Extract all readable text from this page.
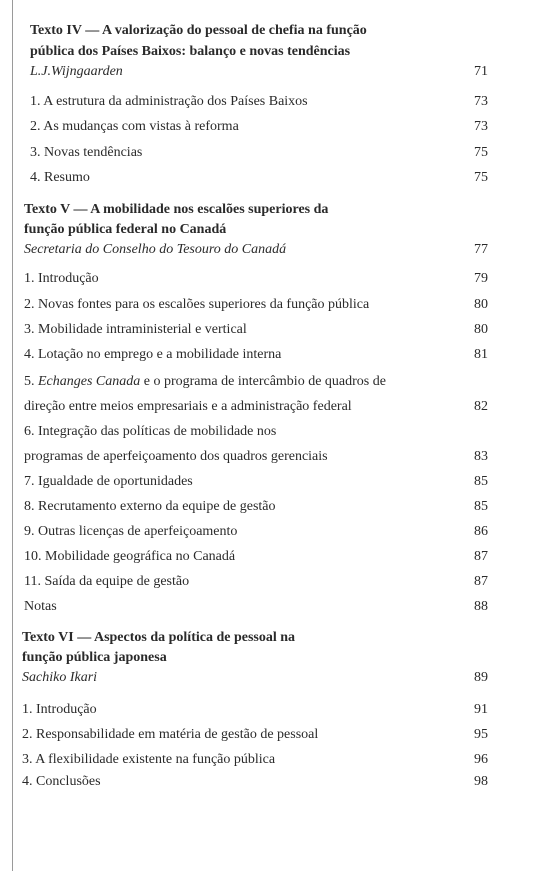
Texto IV — A valorização do pessoal de chefia na função
pública dos Países Baixos: balanço e novas tendências
L.J.Wijngaarden	71
1. A estrutura da administração dos Países Baixos	73
2. As mudanças com vistas à reforma	73
3. Novas tendências	75
4. Resumo	75
Texto V — A mobilidade nos escalões superiores da
função pública federal no Canadá
Secretaria do Conselho do Tesouro do Canadá	77
1. Introdução	79
2. Novas fontes para os escalões superiores da função pública	80
3. Mobilidade intraministerial e vertical	80
4. Lotação no emprego e a mobilidade interna	81
5. Echanges Canada e o programa de intercâmbio de quadros de
direção entre meios empresariais e a administração federal	82
6. Integração das políticas de mobilidade nos
programas de aperfeiçoamento dos quadros gerenciais	83
7. Igualdade de oportunidades	85
8. Recrutamento externo da equipe de gestão	85
9. Outras licenças de aperfeiçoamento	86
10. Mobilidade geográfica no Canadá	87
11. Saída da equipe de gestão	87
Notas	88
Texto VI — Aspectos da política de pessoal na
função pública japonesa
Sachiko Ikari	89
1. Introdução	91
2. Responsabilidade em matéria de gestão de pessoal	95
3. A flexibilidade existente na função pública	96
4. Conclusões	98
